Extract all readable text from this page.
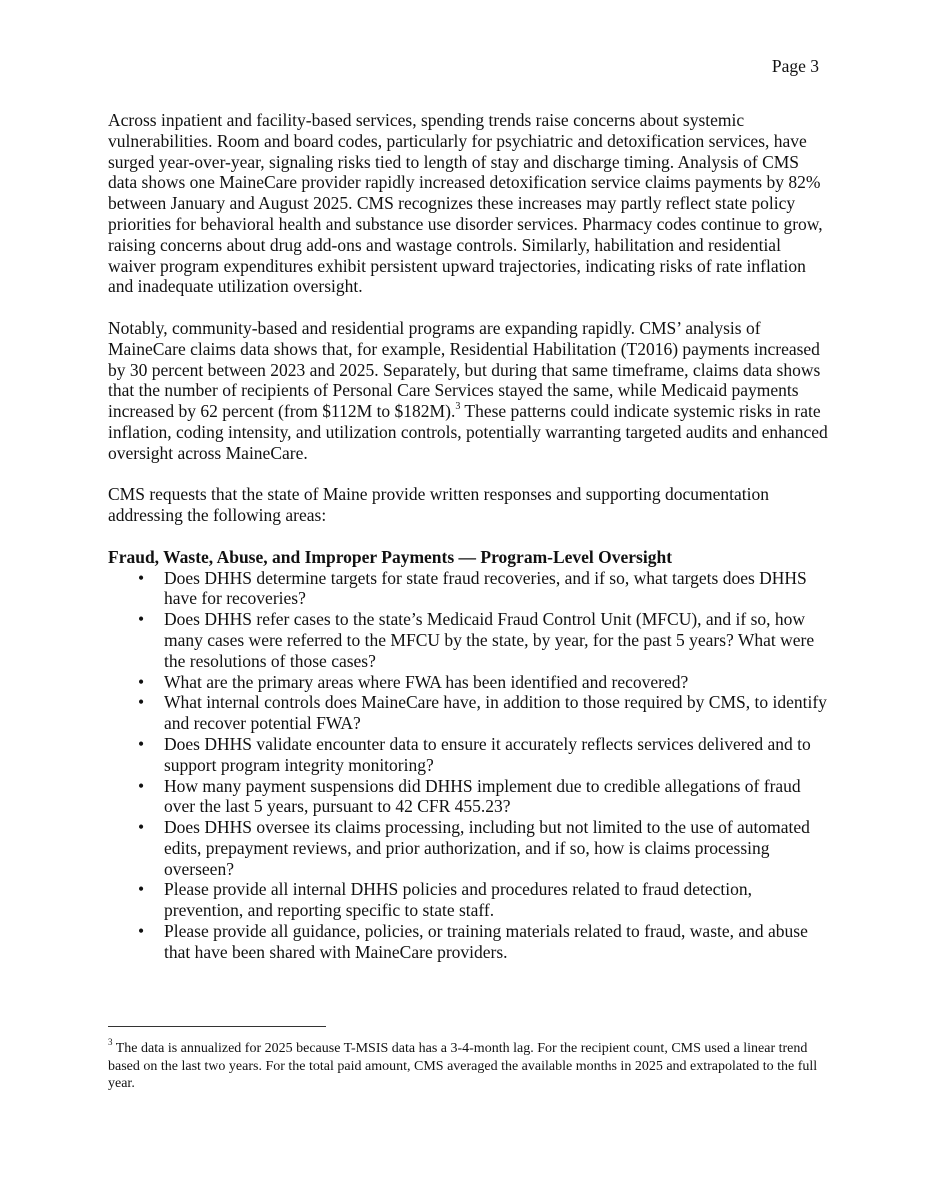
Page 3

Across inpatient and facility-based services, spending trends raise concerns about systemic vulnerabilities. Room and board codes, particularly for psychiatric and detoxification services, have surged year-over-year, signaling risks tied to length of stay and discharge timing. Analysis of CMS data shows one MaineCare provider rapidly increased detoxification service claims payments by 82% between January and August 2025. CMS recognizes these increases may partly reflect state policy priorities for behavioral health and substance use disorder services. Pharmacy codes continue to grow, raising concerns about drug add-ons and wastage controls. Similarly, habilitation and residential waiver program expenditures exhibit persistent upward trajectories, indicating risks of rate inflation and inadequate utilization oversight.

Notably, community-based and residential programs are expanding rapidly. CMS’ analysis of MaineCare claims data shows that, for example, Residential Habilitation (T2016) payments increased by 30 percent between 2023 and 2025. Separately, but during that same timeframe, claims data shows that the number of recipients of Personal Care Services stayed the same, while Medicaid payments increased by 62 percent (from $112M to $182M).$^3$ These patterns could indicate systemic risks in rate inflation, coding intensity, and utilization controls, potentially warranting targeted audits and enhanced oversight across MaineCare.

CMS requests that the state of Maine provide written responses and supporting documentation addressing the following areas:

Fraud, Waste, Abuse, and Improper Payments — Program-Level Oversight

• Does DHHS determine targets for state fraud recoveries, and if so, what targets does DHHS have for recoveries?
• Does DHHS refer cases to the state’s Medicaid Fraud Control Unit (MFCU), and if so, how many cases were referred to the MFCU by the state, by year, for the past 5 years? What were the resolutions of those cases?
• What are the primary areas where FWA has been identified and recovered?
• What internal controls does MaineCare have, in addition to those required by CMS, to identify and recover potential FWA?
• Does DHHS validate encounter data to ensure it accurately reflects services delivered and to support program integrity monitoring?
• How many payment suspensions did DHHS implement due to credible allegations of fraud over the last 5 years, pursuant to 42 CFR 455.23?
• Does DHHS oversee its claims processing, including but not limited to the use of automated edits, prepayment reviews, and prior authorization, and if so, how is claims processing overseen?
• Please provide all internal DHHS policies and procedures related to fraud detection, prevention, and reporting specific to state staff.
• Please provide all guidance, policies, or training materials related to fraud, waste, and abuse that have been shared with MaineCare providers.
$^3$ The data is annualized for 2025 because T-MSIS data has a 3-4-month lag. For the recipient count, CMS used a linear trend based on the last two years. For the total paid amount, CMS averaged the available months in 2025 and extrapolated to the full year.
